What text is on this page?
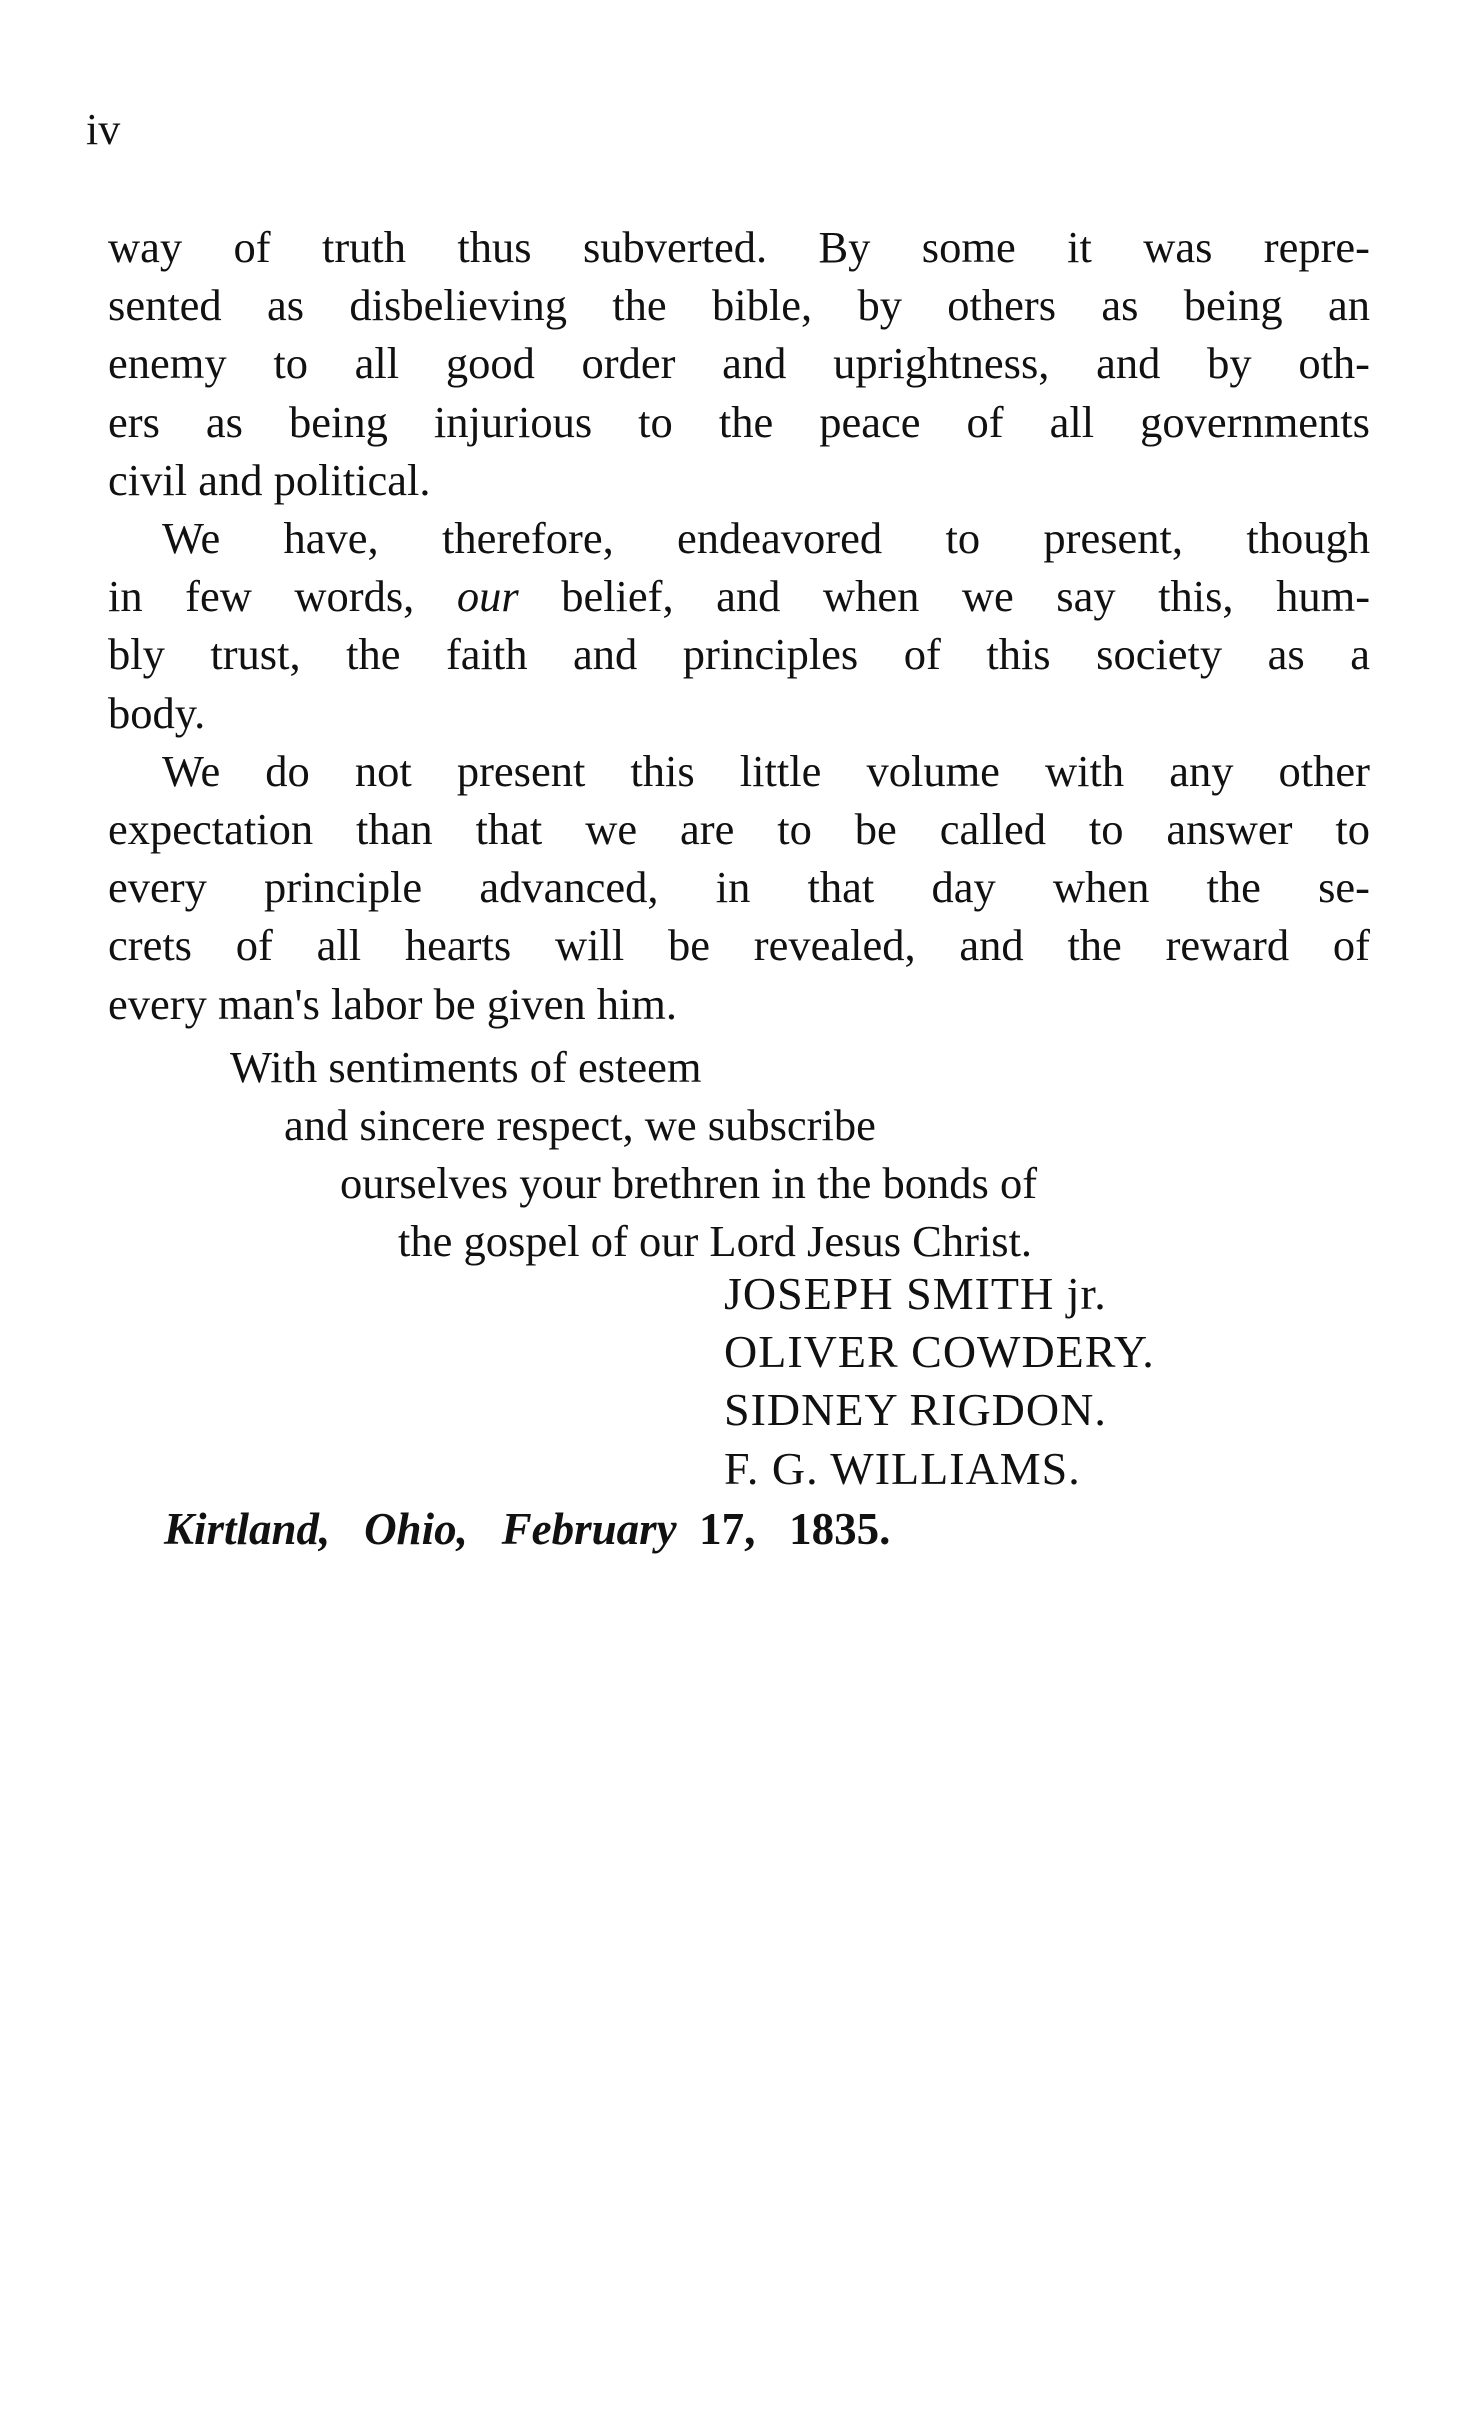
iv

way of truth thus subverted. By some it was repre-
sented as disbelieving the bible, by others as being an
enemy to all good order and uprightness, and by oth-
ers as being injurious to the peace of all governments
civil and political.

We have, therefore, endeavored to present, though
in few words, our belief, and when we say this, hum-
bly trust, the faith and principles of this society as a
body.

We do not present this little volume with any other
expectation than that we are to be called to answer to
every principle advanced, in that day when the se-
crets of all hearts will be revealed, and the reward of
every man's labor be given him.

With sentiments of esteem
and sincere respect, we subscribe
ourselves your brethren in the bonds of
the gospel of our Lord Jesus Christ.
JOSEPH SMITH jr.
OLIVER COWDERY.
SIDNEY RIGDON.
F. G. WILLIAMS.
Kirtland, Ohio, February 17, 1835.
